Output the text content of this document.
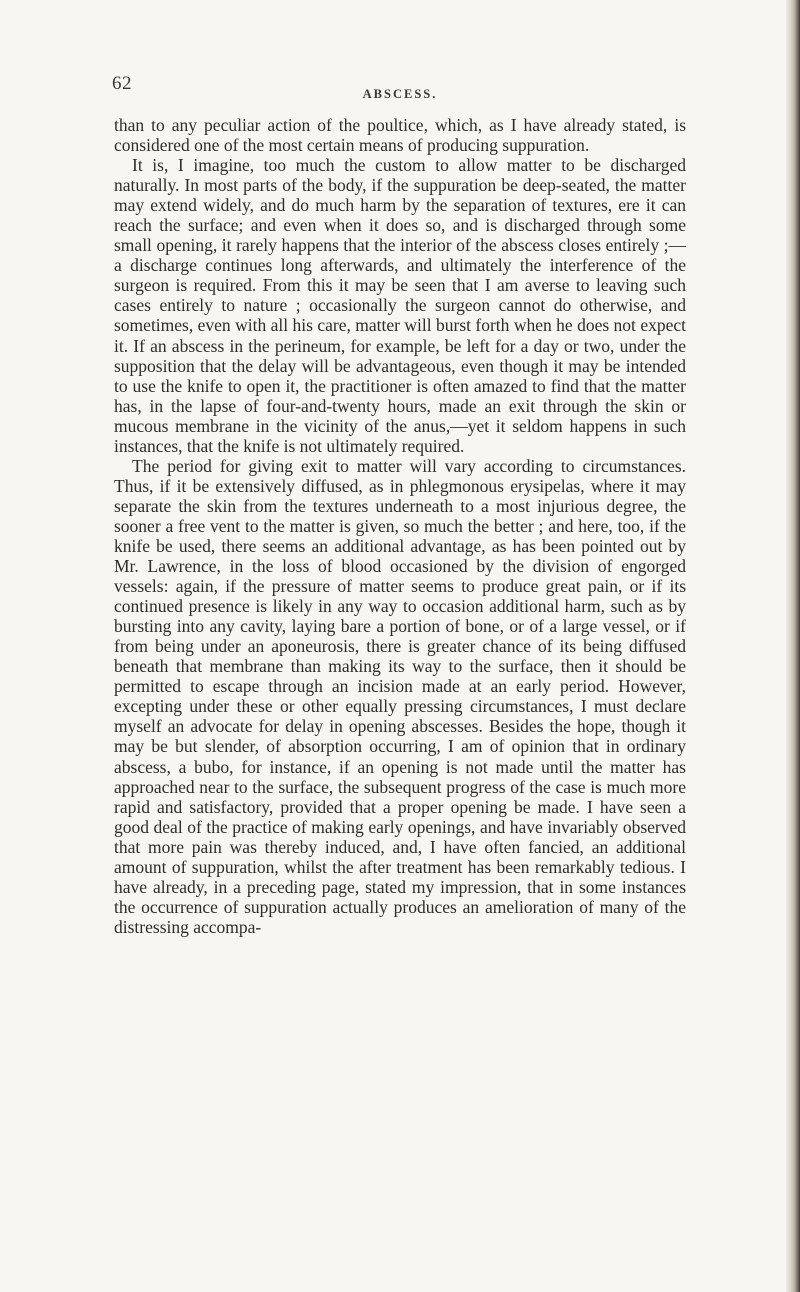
62	ABSCESS.

than to any peculiar action of the poultice, which, as I have already stated, is considered one of the most certain means of producing suppuration.

It is, I imagine, too much the custom to allow matter to be discharged naturally. In most parts of the body, if the suppuration be deep-seated, the matter may extend widely, and do much harm by the separation of textures, ere it can reach the surface; and even when it does so, and is discharged through some small opening, it rarely happens that the interior of the abscess closes entirely ;—a discharge continues long afterwards, and ultimately the interference of the surgeon is required. From this it may be seen that I am averse to leaving such cases entirely to nature ; occasionally the surgeon cannot do otherwise, and sometimes, even with all his care, matter will burst forth when he does not expect it. If an abscess in the perineum, for example, be left for a day or two, under the supposition that the delay will be advantageous, even though it may be intended to use the knife to open it, the practitioner is often amazed to find that the matter has, in the lapse of four-and-twenty hours, made an exit through the skin or mucous membrane in the vicinity of the anus,—yet it seldom happens in such instances, that the knife is not ultimately required.

The period for giving exit to matter will vary according to circumstances. Thus, if it be extensively diffused, as in phlegmonous erysipelas, where it may separate the skin from the textures underneath to a most injurious degree, the sooner a free vent to the matter is given, so much the better ; and here, too, if the knife be used, there seems an additional advantage, as has been pointed out by Mr. Lawrence, in the loss of blood occasioned by the division of engorged vessels: again, if the pressure of matter seems to produce great pain, or if its continued presence is likely in any way to occasion additional harm, such as by bursting into any cavity, laying bare a portion of bone, or of a large vessel, or if from being under an aponeurosis, there is greater chance of its being diffused beneath that membrane than making its way to the surface, then it should be permitted to escape through an incision made at an early period. However, excepting under these or other equally pressing circumstances, I must declare myself an advocate for delay in opening abscesses. Besides the hope, though it may be but slender, of absorption occurring, I am of opinion that in ordinary abscess, a bubo, for instance, if an opening is not made until the matter has approached near to the surface, the subsequent progress of the case is much more rapid and satisfactory, provided that a proper opening be made. I have seen a good deal of the practice of making early openings, and have invariably observed that more pain was thereby induced, and, I have often fancied, an additional amount of suppuration, whilst the after treatment has been remarkably tedious. I have already, in a preceding page, stated my impression, that in some instances the occurrence of suppuration actually produces an amelioration of many of the distressing accompa-
